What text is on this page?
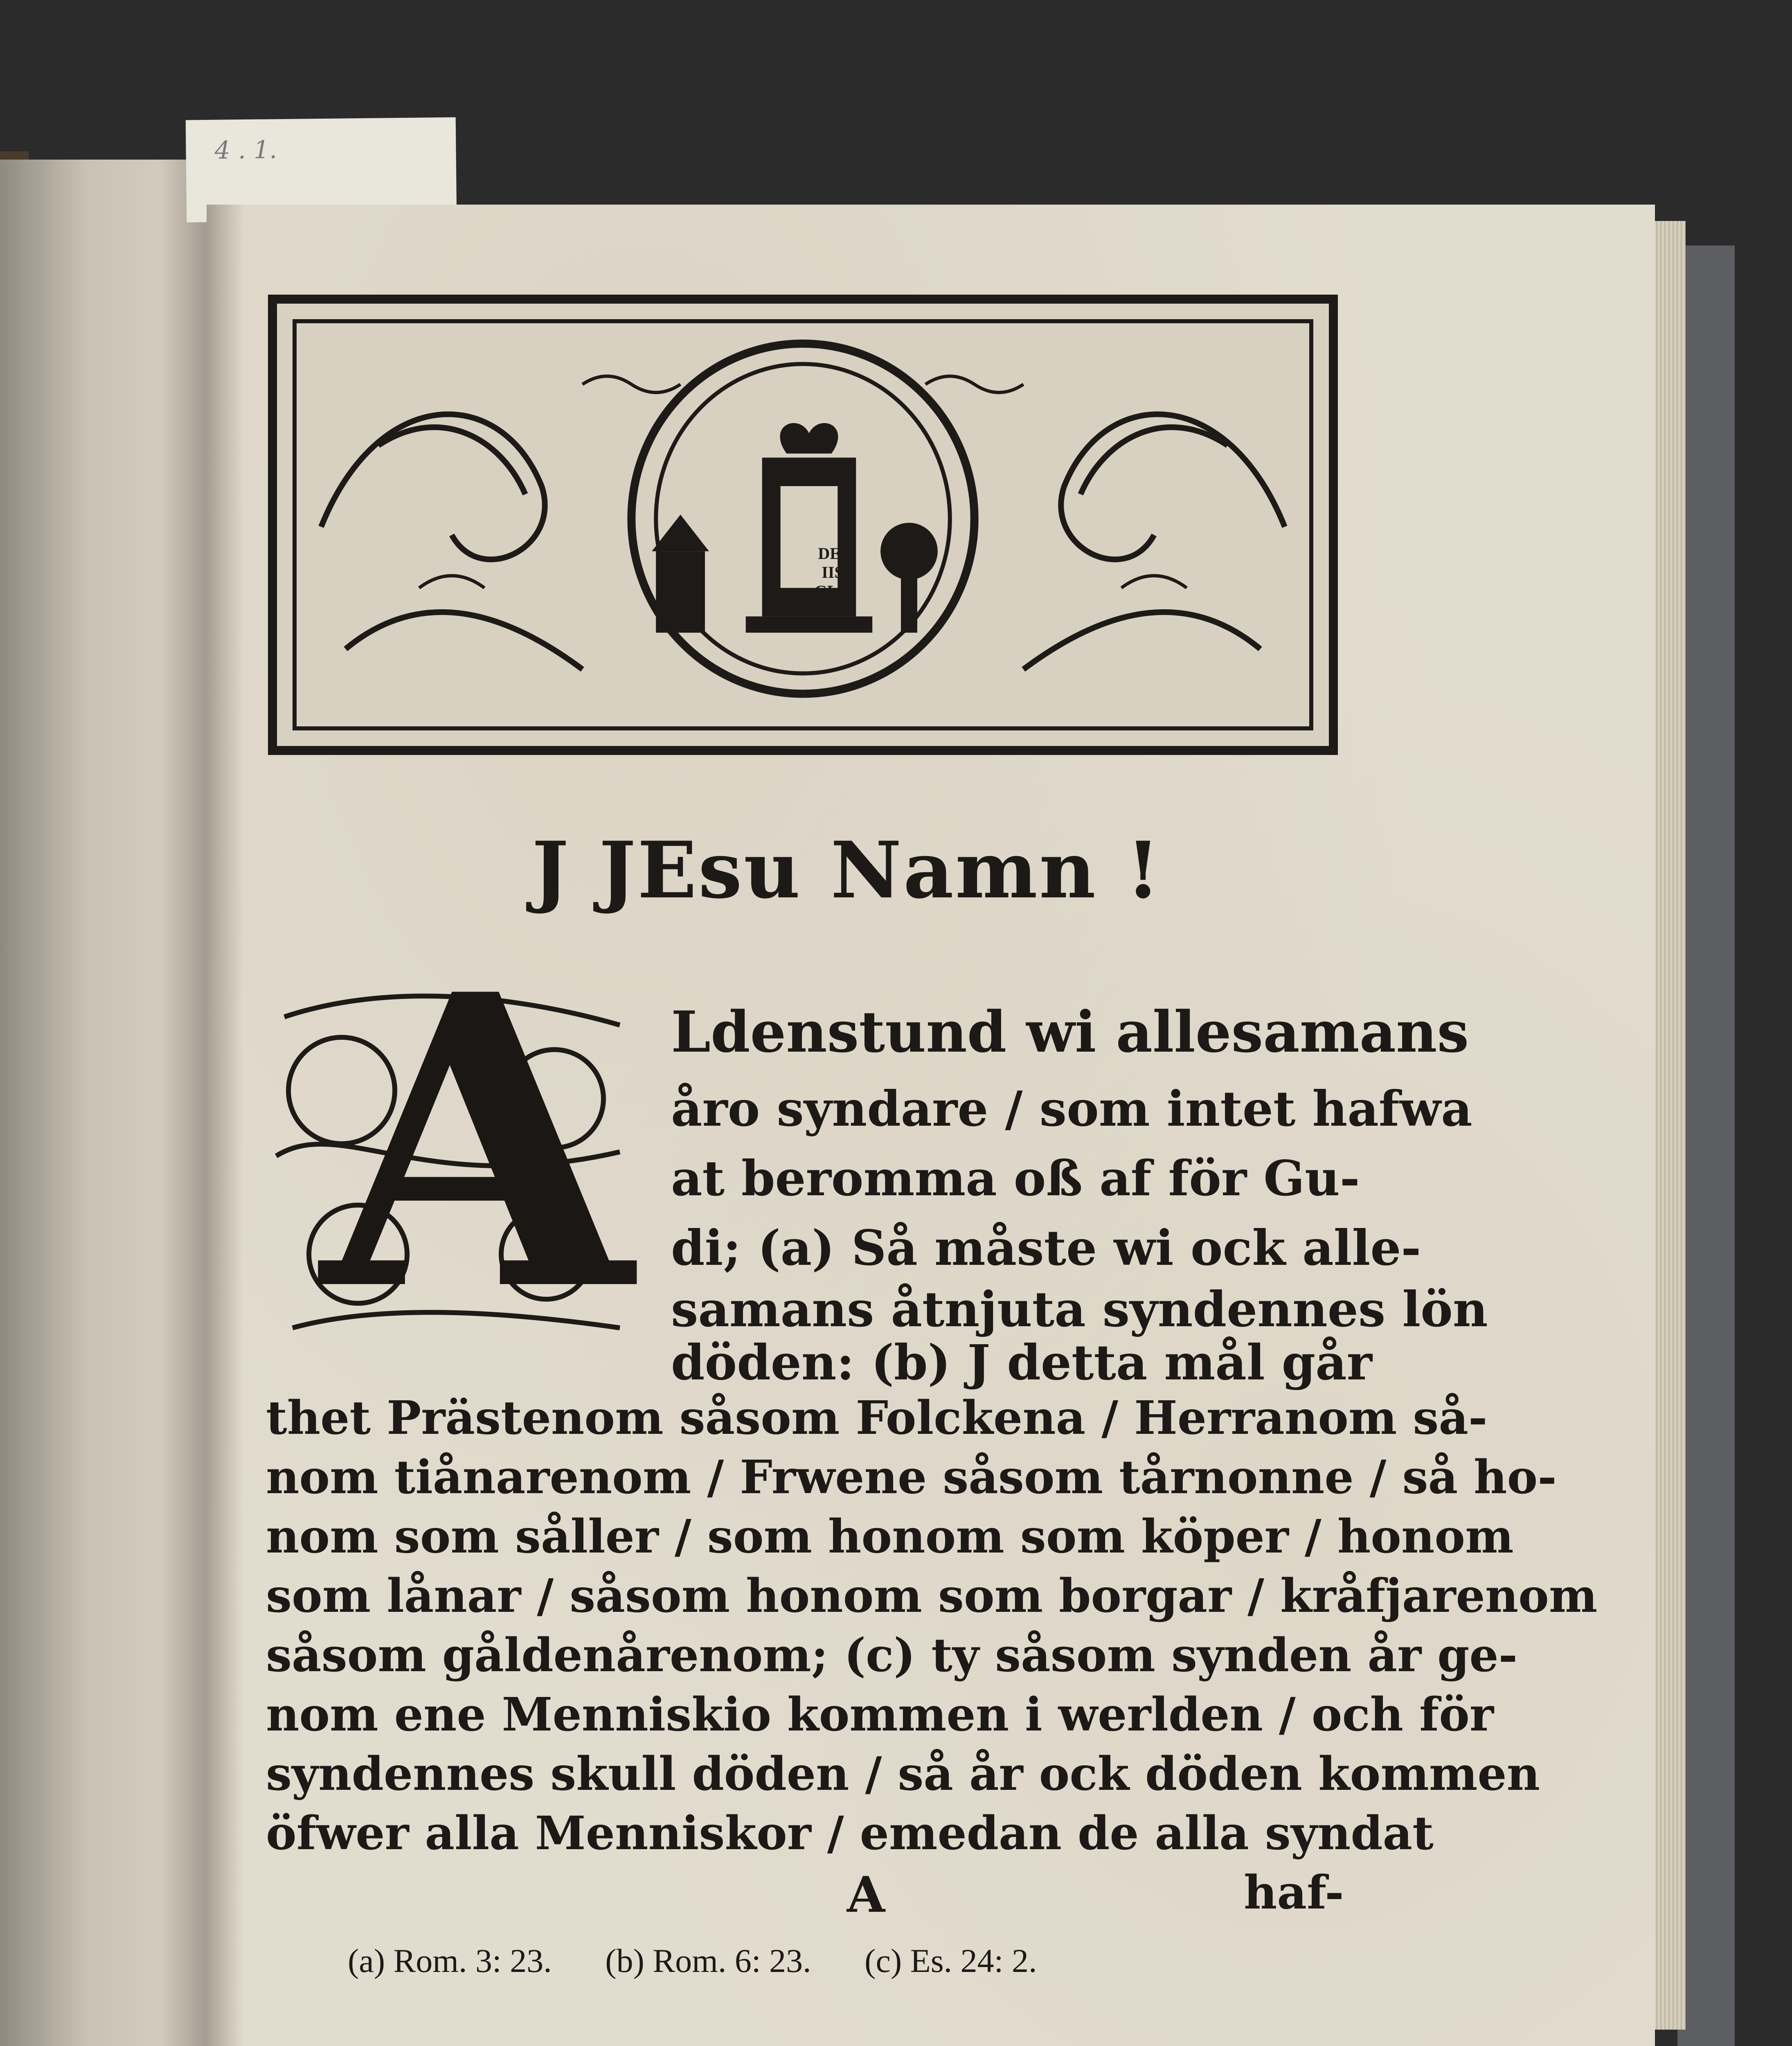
4 . 1.
DEI
IIS
GLO
RIA.
J JEsu Namn !
A Ldenstund wi allesamans
åro syndare / som intet hafwa
at beromma oß af för Gu-
di; (a) Så måste wi ock alle-
samans åtnjuta syndennes lön
döden: (b) J detta mål går
thet Prästenom såsom Folckena / Herranom så-
nom tiånarenom / Frwene såsom tårnonne / så ho-
nom som såller / som honom som köper / honom
som lånar / såsom honom som borgar / kråfjarenom
såsom gåldenårenom; (c) ty såsom synden år ge-
nom ene Menniskio kommen i werlden / och för
syndennes skull döden / så år ock döden kommen
öfwer alla Menniskor / emedan de alla syndat
A	haf-
(a) Rom. 3: 23. (b) Rom. 6: 23. (c) Es. 24: 2.
